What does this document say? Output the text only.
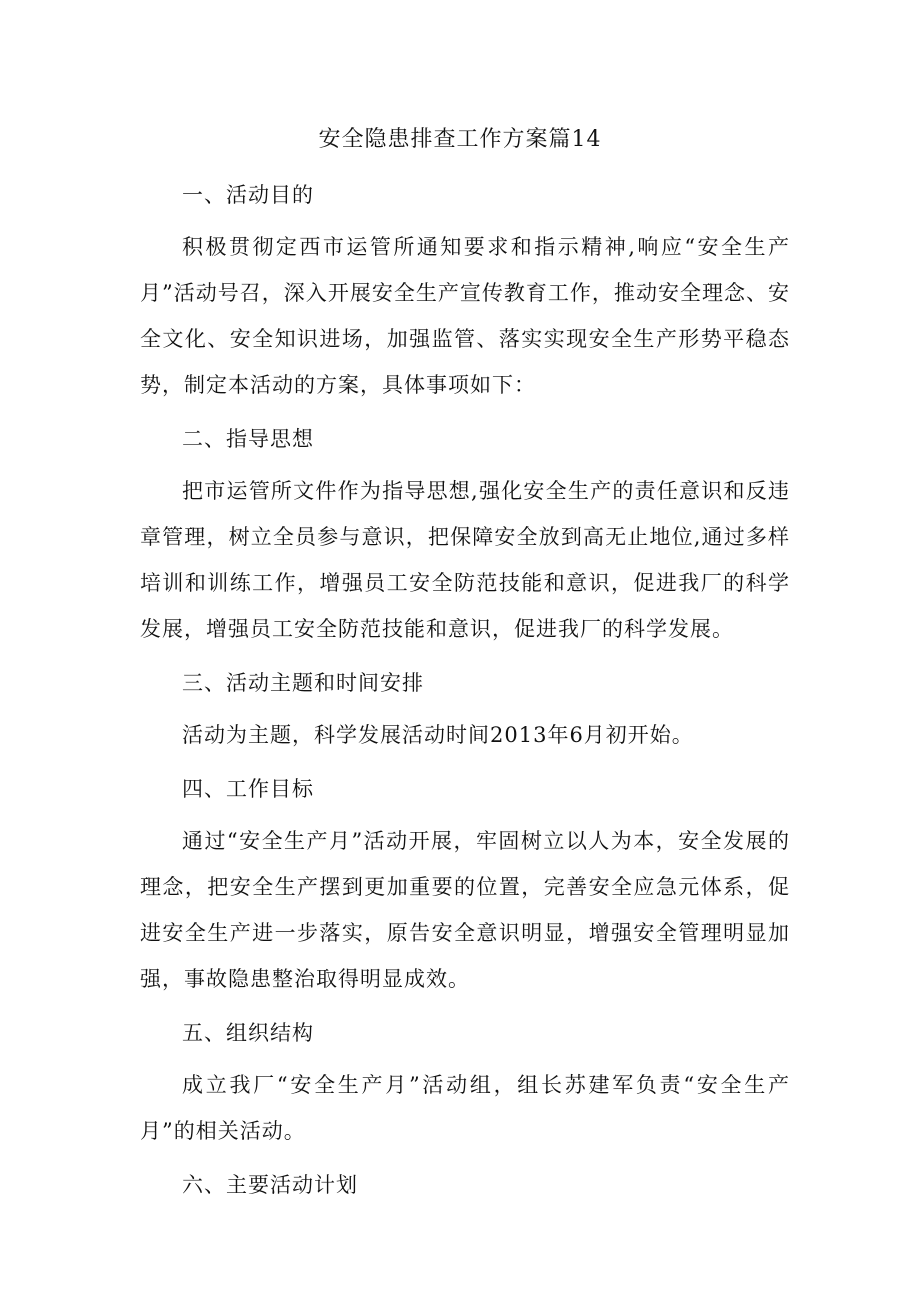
安全隐患排查工作方案篇14
一、活动目的

积极贯彻定西市运管所通知要求和指示精神,响应“安全生产月”活动号召，深入开展安全生产宣传教育工作，推动安全理念、安全文化、安全知识进场，加强监管、落实实现安全生产形势平稳态势，制定本活动的方案，具体事项如下：

二、指导思想

把市运管所文件作为指导思想,强化安全生产的责任意识和反违章管理，树立全员参与意识，把保障安全放到高无止地位,通过多样培训和训练工作，增强员工安全防范技能和意识，促进我厂的科学发展，增强员工安全防范技能和意识，促进我厂的科学发展。

三、活动主题和时间安排

活动为主题，科学发展活动时间2013年6月初开始。

四、工作目标

通过“安全生产月”活动开展，牢固树立以人为本，安全发展的理念，把安全生产摆到更加重要的位置，完善安全应急元体系，促进安全生产进一步落实，原告安全意识明显，增强安全管理明显加强，事故隐患整治取得明显成效。

五、组织结构

成立我厂“安全生产月”活动组，组长苏建军负责“安全生产月”的相关活动。

六、主要活动计划
